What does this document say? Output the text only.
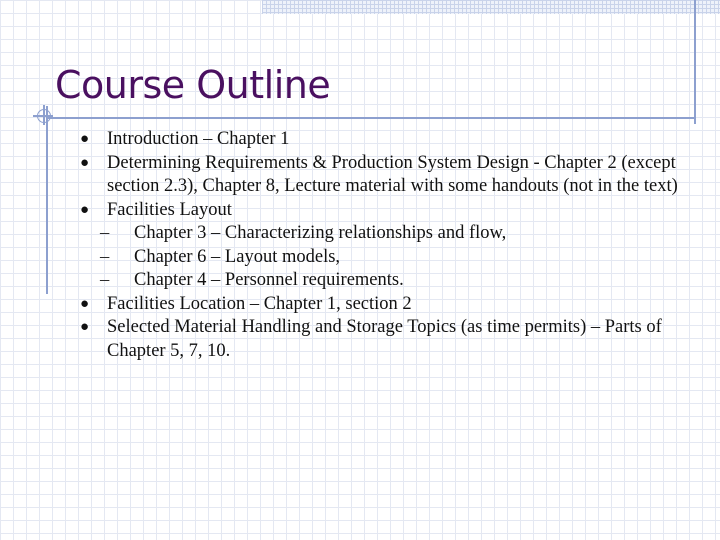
Course Outline
● Introduction – Chapter 1
● Determining Requirements & Production System Design - Chapter 2 (except section 2.3), Chapter 8, Lecture material with some handouts (not in the text)
● Facilities Layout
–	Chapter 3 – Characterizing relationships and flow,
–	Chapter 6 – Layout models,
–	Chapter 4 – Personnel requirements.
● Facilities Location – Chapter 1, section 2
● Selected Material Handling and Storage Topics (as time permits) – Parts of Chapter 5, 7, 10.
